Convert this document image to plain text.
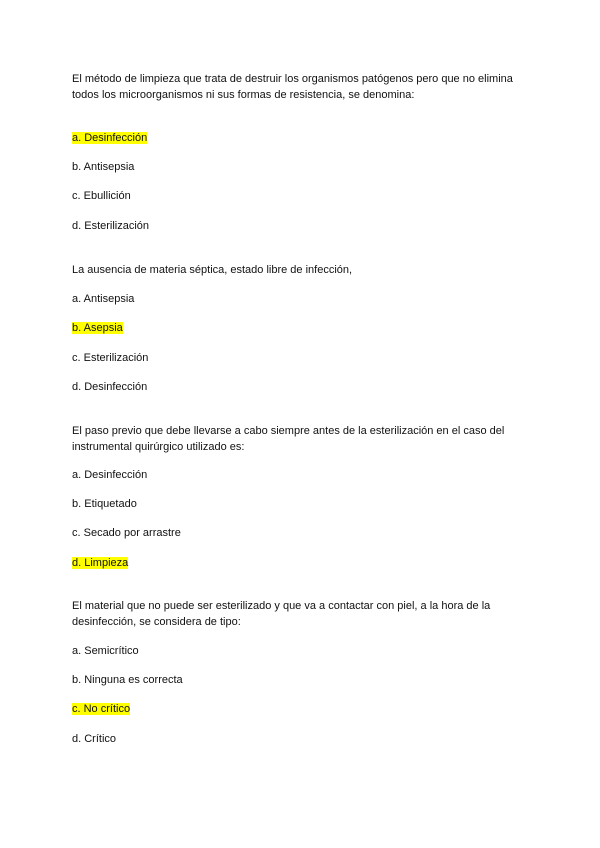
El método de limpieza que trata de destruir los organismos patógenos pero que no elimina
todos los microorganismos ni sus formas de resistencia, se denomina:
a. Desinfección
b. Antisepsia
c. Ebullición
d. Esterilización
La ausencia de materia séptica, estado libre de infección,
a. Antisepsia
b. Asepsia
c. Esterilización
d. Desinfección
El paso previo que debe llevarse a cabo siempre antes de la esterilización en el caso del
instrumental quirúrgico utilizado es:
a. Desinfección
b. Etiquetado
c. Secado por arrastre
d. Limpieza
El material que no puede ser esterilizado y que va a contactar con piel, a la hora de la
desinfección, se considera de tipo:
a. Semicrítico
b. Ninguna es correcta
c. No crítico
d. Crítico
